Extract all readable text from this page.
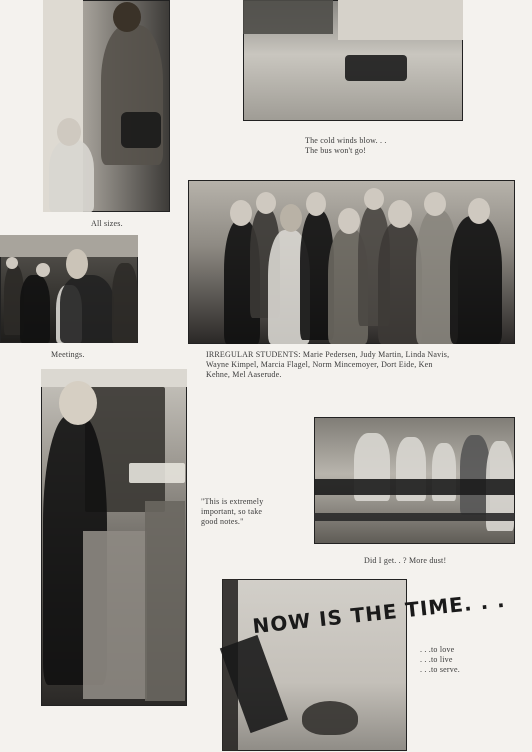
All sizes.
The cold winds blow. . .
The bus won't go!
IRREGULAR STUDENTS: Marie Pedersen, Judy Martin, Linda Navis,
Wayne Kimpel, Marcia Flagel, Norm Mincemoyer, Dort Eide, Ken
Kehne, Mel Aaserude.
Meetings.
"This is extremely
important, so take
good notes."
Did I get. . ? More dust!
NOW IS THE TIME. . .
. . .to love
. . .to live
. . .to serve.
